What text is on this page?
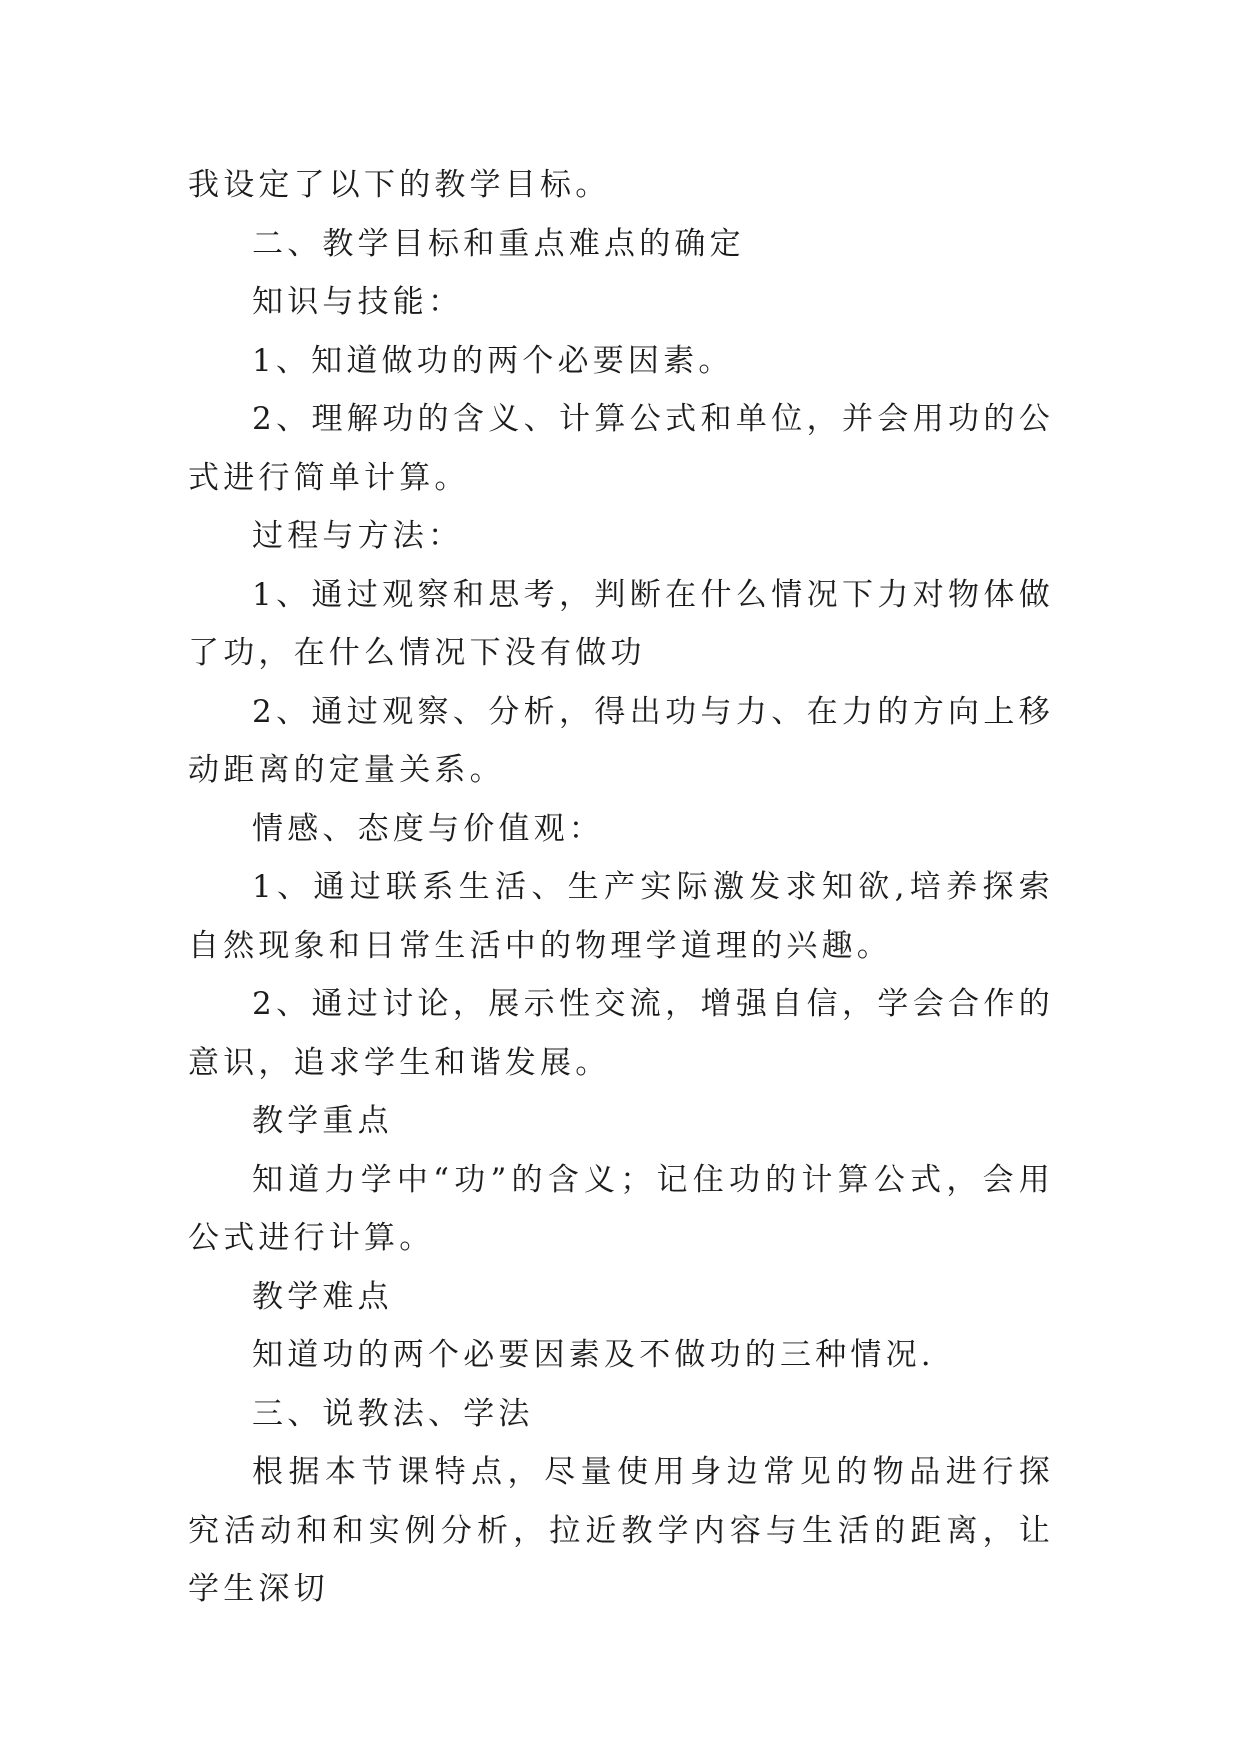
我设定了以下的教学目标。

二、教学目标和重点难点的确定

知识与技能：

1、知道做功的两个必要因素。

2、理解功的含义、计算公式和单位，并会用功的公式进行简单计算。

过程与方法：

1、通过观察和思考，判断在什么情况下力对物体做了功，在什么情况下没有做功

2、通过观察、分析，得出功与力、在力的方向上移动距离的定量关系。

情感、态度与价值观：

1、通过联系生活、生产实际激发求知欲,培养探索自然现象和日常生活中的物理学道理的兴趣。

2、通过讨论，展示性交流，增强自信，学会合作的意识，追求学生和谐发展。

教学重点

知道力学中“功”的含义；记住功的计算公式，会用公式进行计算。

教学难点

知道功的两个必要因素及不做功的三种情况.

三、说教法、学法

根据本节课特点，尽量使用身边常见的物品进行探究活动和和实例分析，拉近教学内容与生活的距离，让学生深切
